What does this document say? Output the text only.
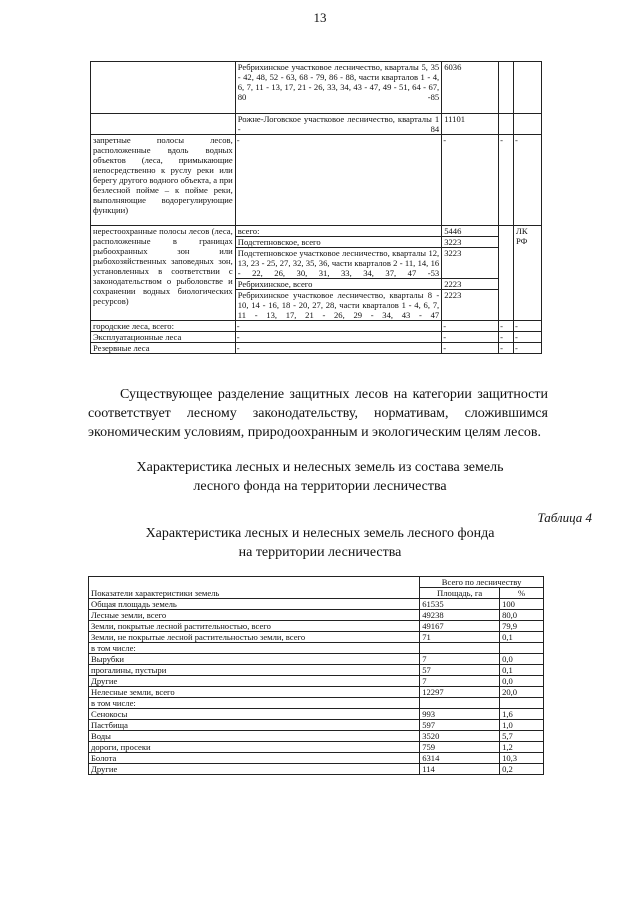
13
	Ребрихинское участковое лесничество, кварталы 5, 35 - 42, 48, 52 - 63, 68 - 79, 86 - 88, части кварталов 1 - 4, 6, 7, 11 - 13, 17, 21 - 26, 33, 34, 43 - 47, 49 - 51, 64 - 67, 80 -85	6036		
	Рожне-Логовское участковое лесничество, кварталы 1 - 84	11101		
запретные полосы лесов, расположенные вдоль водных объектов (леса, примыкающие непосредственно к руслу реки или берегу другого водного объекта, а при безлесной пойме – к пойме реки, выполняющие водорегулирующие функции)	-	-	-	-
нерестоохранные полосы лесов (леса, расположенные в границах рыбоохранных зон или рыбохозяйственных заповедных зон, установленных в соответствии с законодательством о рыболовстве и сохранении водных биологических ресурсов)	всего:	5446		ЛК РФ
	Подстепновское, всего	3223		
	Подстепновское участковое лесничество, кварталы 12, 13, 23 - 25, 27, 32, 35, 36, части кварталов 2 - 11, 14, 16 - 22, 26, 30, 31, 33, 34, 37, 47 -53	3223		
	Ребрихинское, всего	2223		
	Ребрихинское участковое лесничество, кварталы 8 - 10, 14 - 16, 18 - 20, 27, 28, части кварталов 1 - 4, 6, 7, 11 - 13, 17, 21 - 26, 29 - 34, 43 - 47	2223		
городские леса, всего:	-	-	-	-
Эксплуатационные леса	-	-	-	-
Резервные леса	-	-	-	-
Существующее разделение защитных лесов на категории защитности соответствует лесному законодательству, нормативам, сложившимся экономическим условиям, природоохранным и экологическим целям лесов.
Характеристика лесных и нелесных земель из состава земель
лесного фонда на территории лесничества
Таблица 4
Характеристика лесных и нелесных земель лесного фонда
на территории лесничества
Показатели характеристики земель	Всего по лесничеству	
	Площадь, га	%
Общая площадь земель	61535	100
Лесные земли, всего	49238	80,0
Земли, покрытые лесной растительностью, всего	49167	79,9
Земли, не покрытые лесной растительностью земли, всего	71	0,1
в том числе:		
Вырубки	7	0,0
прогалины, пустыри	57	0,1
Другие	7	0,0
Нелесные земли, всего	12297	20,0
в том числе:		
Сенокосы	993	1,6
Пастбища	597	1,0
Воды	3520	5,7
дороги, просеки	759	1,2
Болота	6314	10,3
Другие	114	0,2
